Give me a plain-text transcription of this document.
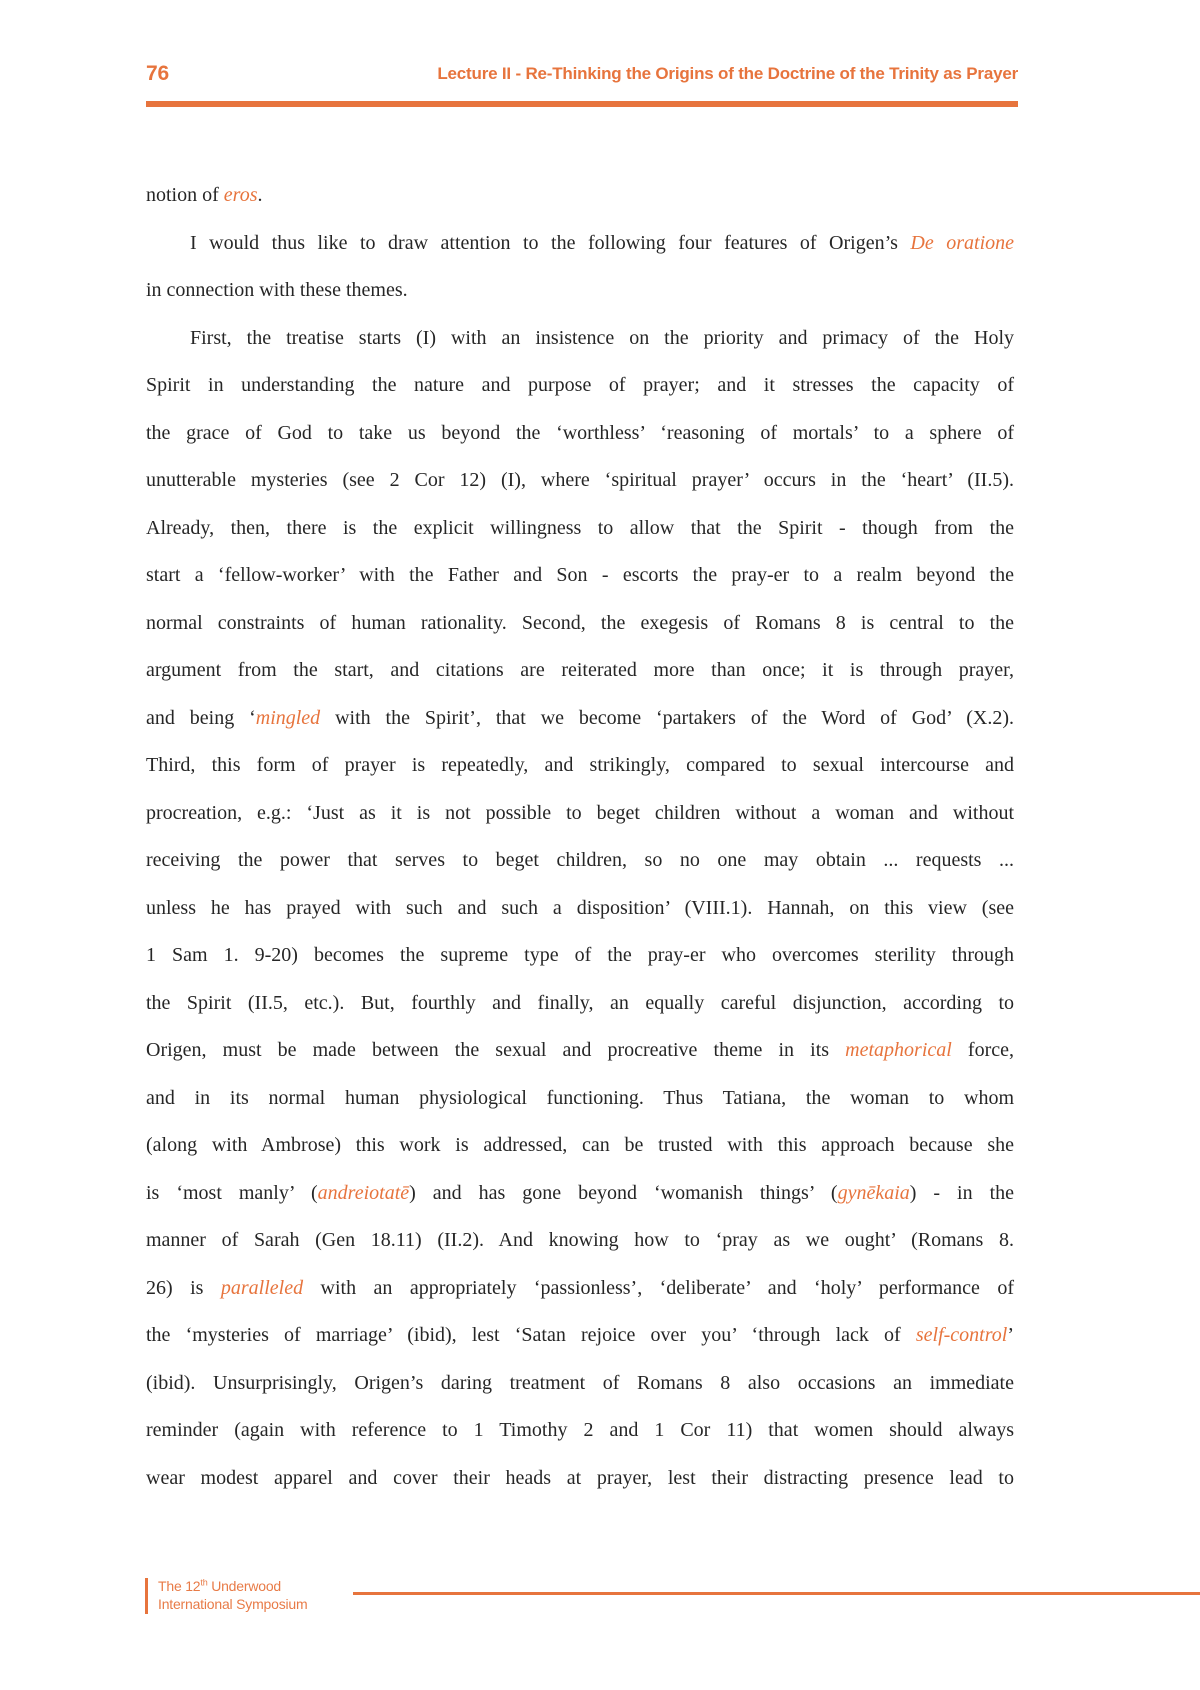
76	Lecture II - Re-Thinking the Origins of the Doctrine of the Trinity as Prayer
notion of eros.
I would thus like to draw attention to the following four features of Origen’s De oratione
in connection with these themes.
First, the treatise starts (I) with an insistence on the priority and primacy of the Holy
Spirit in understanding the nature and purpose of prayer; and it stresses the capacity of
the grace of God to take us beyond the ‘worthless’ ‘reasoning of mortals’ to a sphere of
unutterable mysteries (see 2 Cor 12) (I), where ‘spiritual prayer’ occurs in the ‘heart’ (II.5).
Already, then, there is the explicit willingness to allow that the Spirit - though from the
start a ‘fellow-worker’ with the Father and Son - escorts the pray-er to a realm beyond the
normal constraints of human rationality. Second, the exegesis of Romans 8 is central to the
argument from the start, and citations are reiterated more than once; it is through prayer,
and being ‘mingled with the Spirit’, that we become ‘partakers of the Word of God’ (X.2).
Third, this form of prayer is repeatedly, and strikingly, compared to sexual intercourse and
procreation, e.g.: ‘Just as it is not possible to beget children without a woman and without
receiving the power that serves to beget children, so no one may obtain ... requests ...
unless he has prayed with such and such a disposition’ (VIII.1). Hannah, on this view (see
1 Sam 1. 9-20) becomes the supreme type of the pray-er who overcomes sterility through
the Spirit (II.5, etc.). But, fourthly and finally, an equally careful disjunction, according to
Origen, must be made between the sexual and procreative theme in its metaphorical force,
and in its normal human physiological functioning. Thus Tatiana, the woman to whom
(along with Ambrose) this work is addressed, can be trusted with this approach because she
is ‘most manly’ (andreiotatē) and has gone beyond ‘womanish things’ (gynēkaia) - in the
manner of Sarah (Gen 18.11) (II.2). And knowing how to ‘pray as we ought’ (Romans 8.
26) is paralleled with an appropriately ‘passionless’, ‘deliberate’ and ‘holy’ performance of
the ‘mysteries of marriage’ (ibid), lest ‘Satan rejoice over you’ ‘through lack of self-control’
(ibid). Unsurprisingly, Origen’s daring treatment of Romans 8 also occasions an immediate
reminder (again with reference to 1 Timothy 2 and 1 Cor 11) that women should always
wear modest apparel and cover their heads at prayer, lest their distracting presence lead to
The 12th Underwood
International Symposium
